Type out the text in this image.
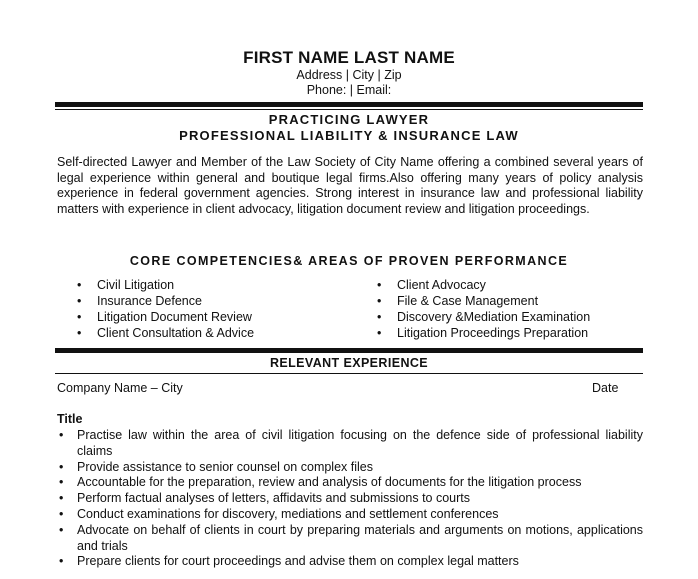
FIRST NAME LAST NAME
Address | City | Zip
Phone: | Email:
PRACTICING LAWYER
PROFESSIONAL LIABILITY & INSURANCE LAW
Self-directed Lawyer and Member of the Law Society of City Name offering a combined several years of legal experience within general and boutique legal firms.Also offering many years of policy analysis experience in federal government agencies. Strong interest in insurance law and professional liability matters with experience in client advocacy, litigation document review and litigation proceedings.
CORE COMPETENCIES& AREAS OF PROVEN PERFORMANCE
• Civil Litigation
• Insurance Defence
• Litigation Document Review
• Client Consultation & Advice
• Client Advocacy
• File & Case Management
• Discovery &Mediation Examination
• Litigation Proceedings Preparation
RELEVANT EXPERIENCE
Company Name – City	Date
Title
• Practise law within the area of civil litigation focusing on the defence side of professional liability claims
• Provide assistance to senior counsel on complex files
• Accountable for the preparation, review and analysis of documents for the litigation process
• Perform factual analyses of letters, affidavits and submissions to courts
• Conduct examinations for discovery, mediations and settlement conferences
• Advocate on behalf of clients in court by preparing materials and arguments on motions, applications and trials
• Prepare clients for court proceedings and advise them on complex legal matters
